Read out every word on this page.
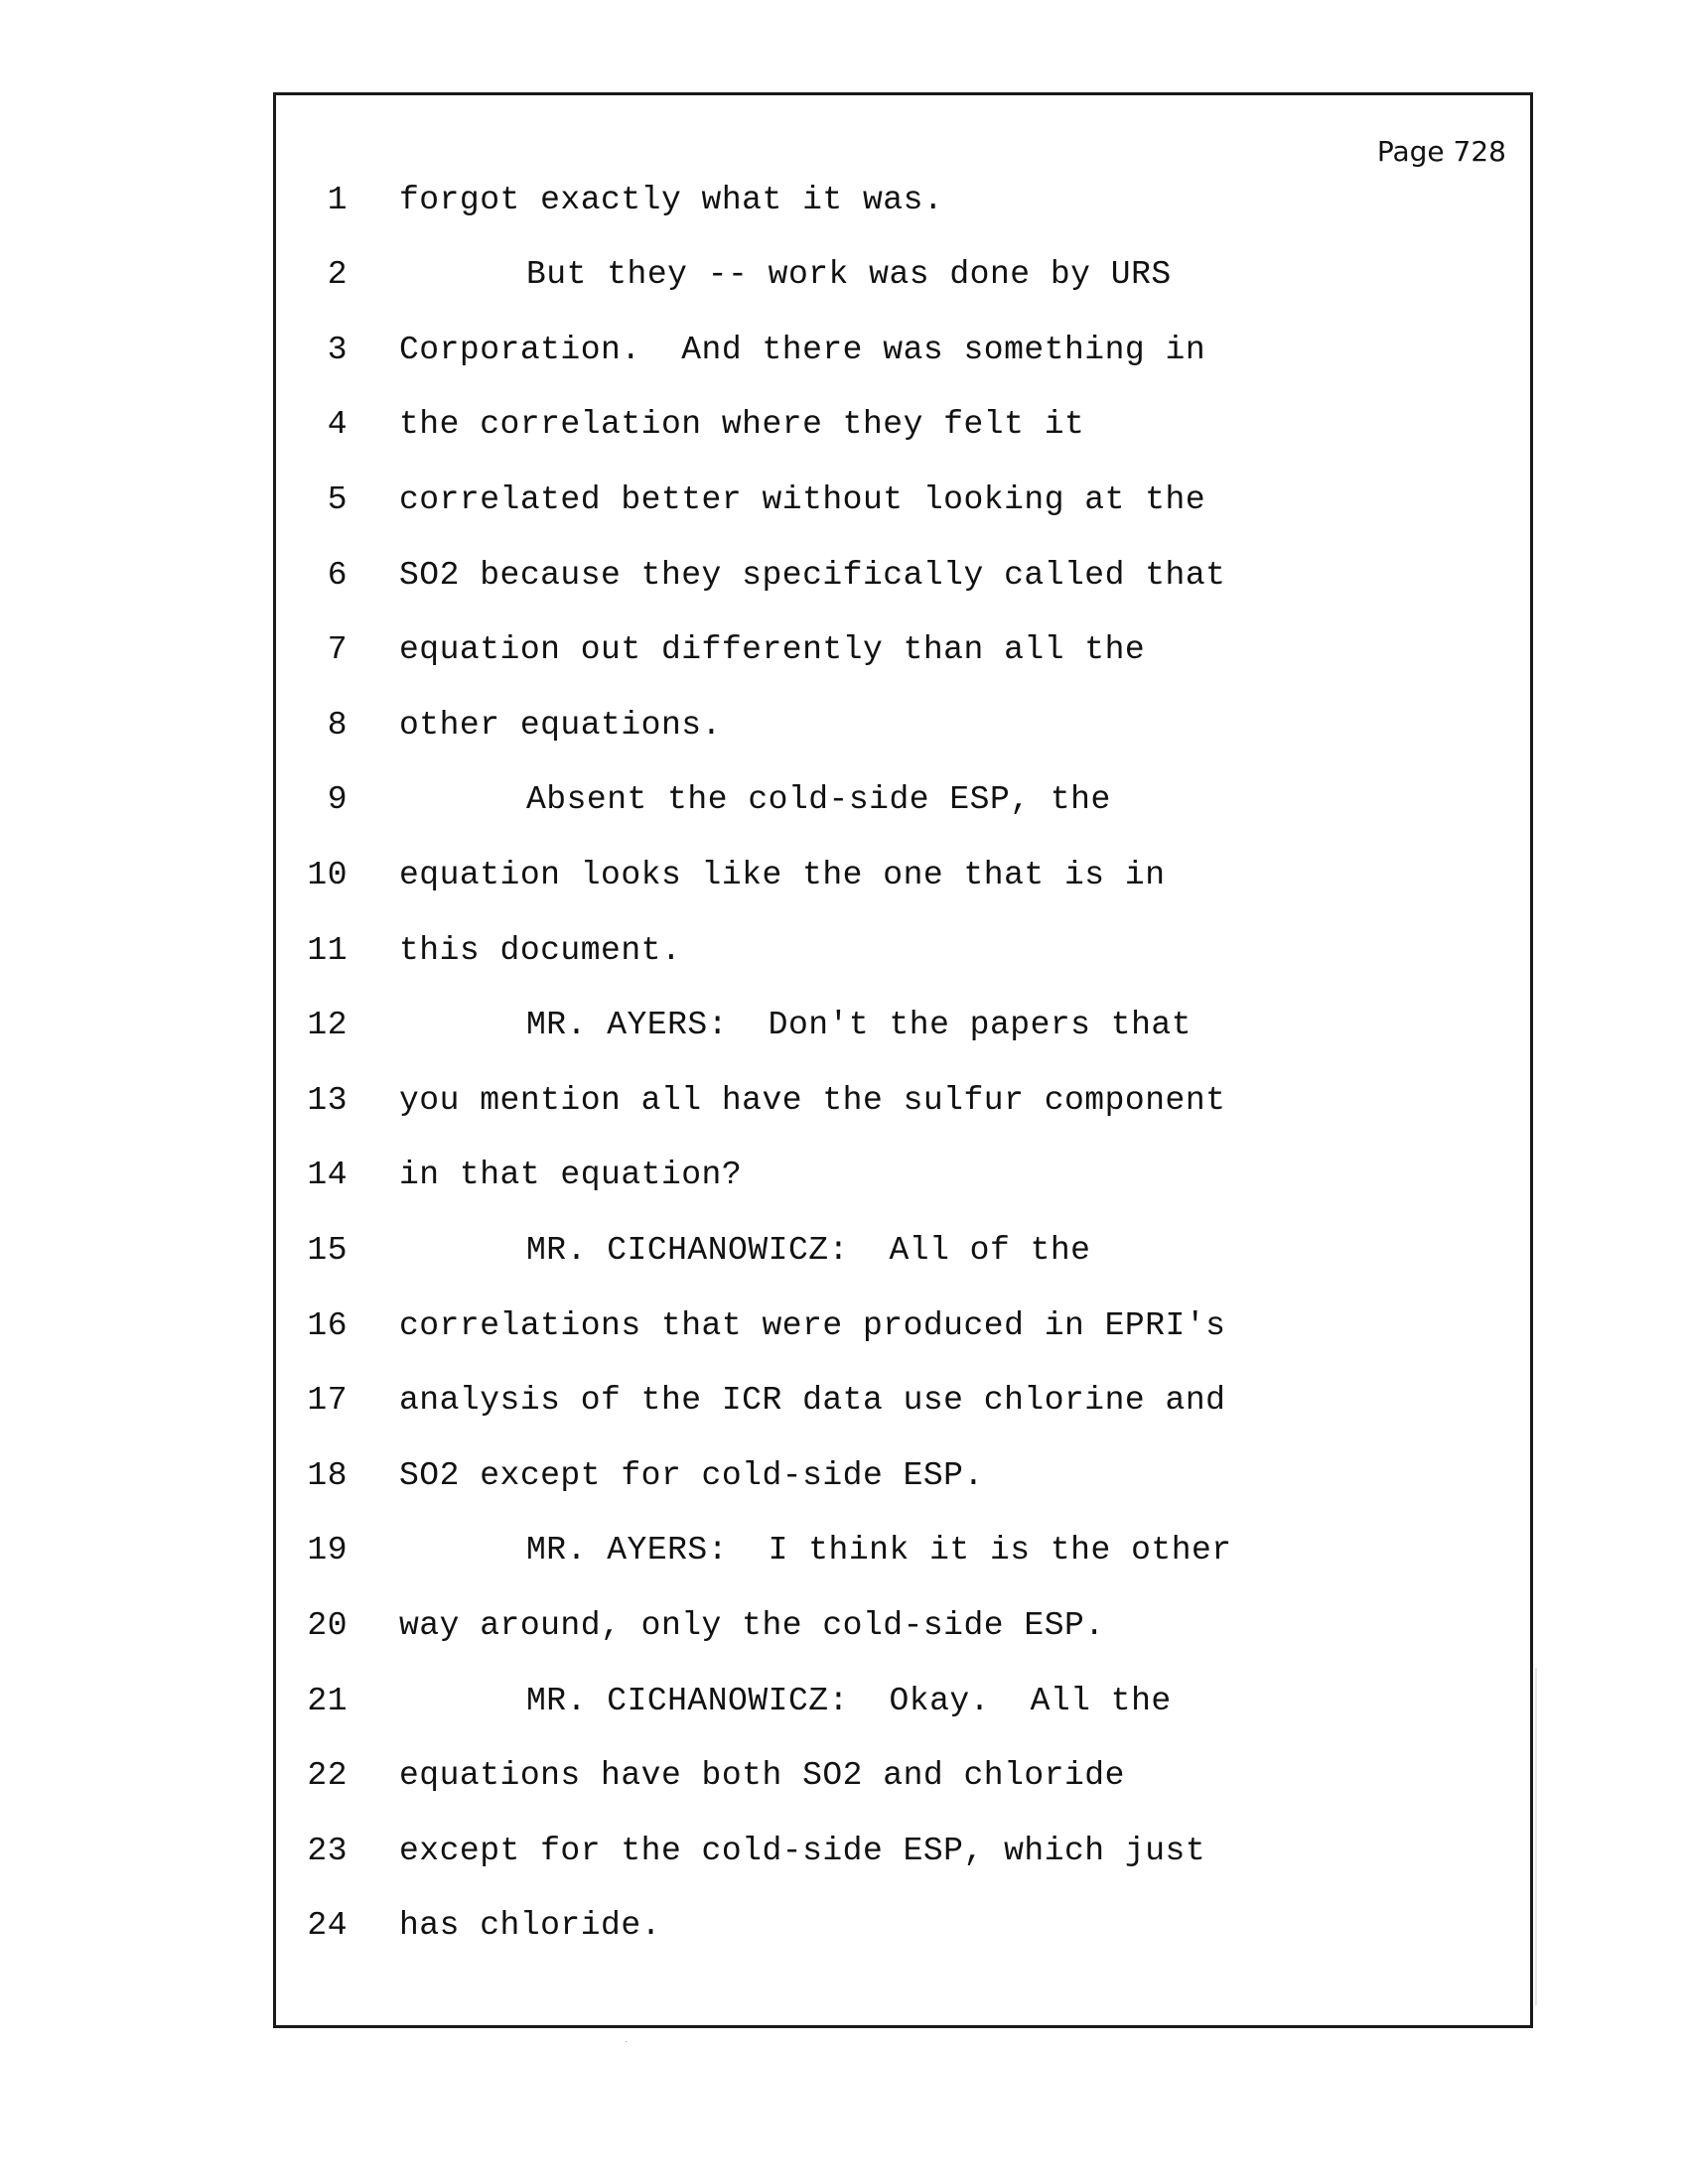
Page 728
1 forgot exactly what it was.
2	But they -- work was done by URS
3 Corporation.  And there was something in
4 the correlation where they felt it
5 correlated better without looking at the
6 SO2 because they specifically called that
7 equation out differently than all the
8 other equations.
9	Absent the cold-side ESP, the
10 equation looks like the one that is in
11 this document.
12	MR. AYERS:  Don't the papers that
13 you mention all have the sulfur component
14 in that equation?
15	MR. CICHANOWICZ:  All of the
16 correlations that were produced in EPRI's
17 analysis of the ICR data use chlorine and
18 SO2 except for cold-side ESP.
19	MR. AYERS:  I think it is the other
20 way around, only the cold-side ESP.
21	MR. CICHANOWICZ:  Okay.  All the
22 equations have both SO2 and chloride
23 except for the cold-side ESP, which just
24 has chloride.
